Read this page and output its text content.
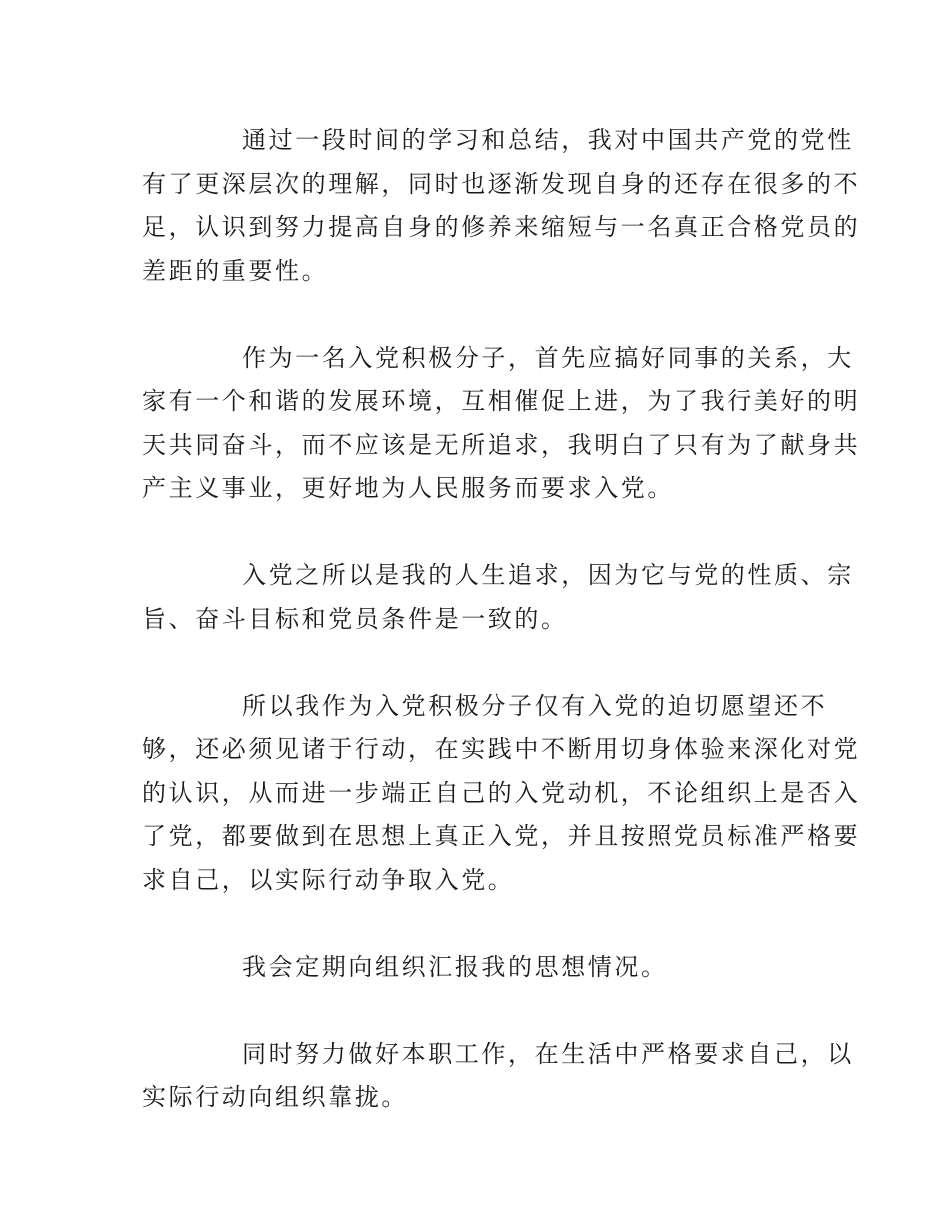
通过一段时间的学习和总结，我对中国共产党的党性
有了更深层次的理解，同时也逐渐发现自身的还存在很多的不
足，认识到努力提高自身的修养来缩短与一名真正合格党员的
差距的重要性。

作为一名入党积极分子，首先应搞好同事的关系，大
家有一个和谐的发展环境，互相催促上进，为了我行美好的明
天共同奋斗，而不应该是无所追求，我明白了只有为了献身共
产主义事业，更好地为人民服务而要求入党。

入党之所以是我的人生追求，因为它与党的性质、宗
旨、奋斗目标和党员条件是一致的。

所以我作为入党积极分子仅有入党的迫切愿望还不
够，还必须见诸于行动，在实践中不断用切身体验来深化对党
的认识，从而进一步端正自己的入党动机，不论组织上是否入
了党，都要做到在思想上真正入党，并且按照党员标准严格要
求自己，以实际行动争取入党。

我会定期向组织汇报我的思想情况。

同时努力做好本职工作，在生活中严格要求自己，以
实际行动向组织靠拢。
